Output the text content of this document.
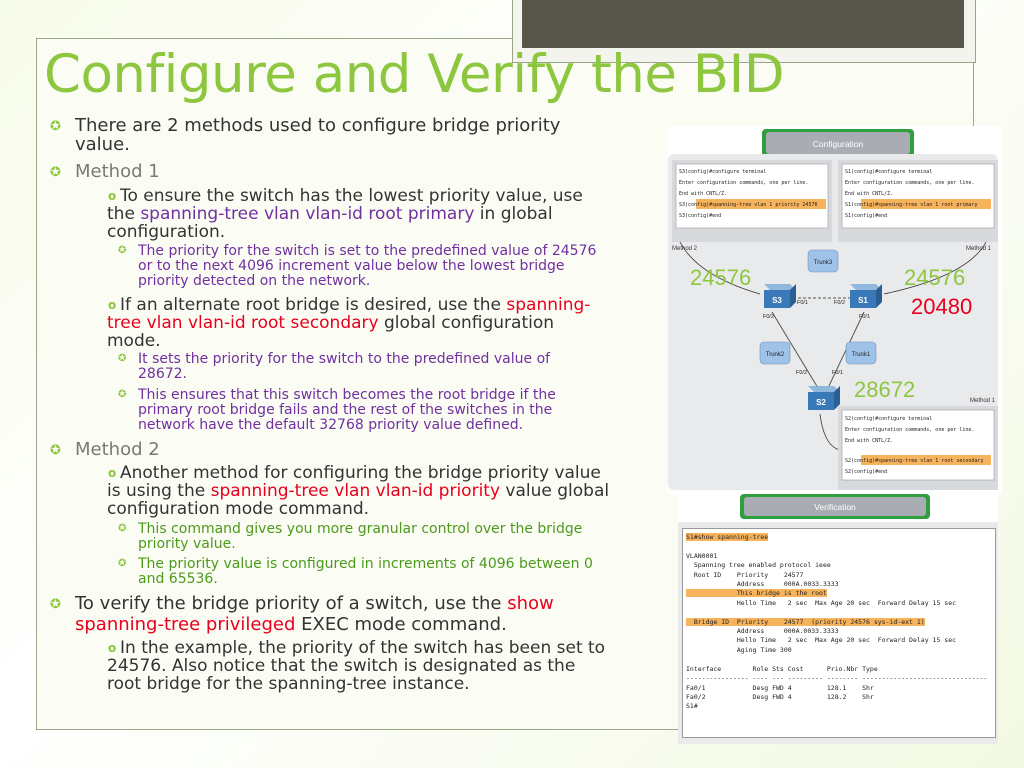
Configure and Verify the BID
✪ There are 2 methods used to configure bridge priority
value.
✪ Method 1
o To ensure the switch has the lowest priority value, use
the spanning-tree vlan vlan-id root primary in global
configuration.
✪ The priority for the switch is set to the predefined value of 24576
or to the next 4096 increment value below the lowest bridge
priority detected on the network.
o If an alternate root bridge is desired, use the spanning-
tree vlan vlan-id root secondary global configuration
mode.
✪ It sets the priority for the switch to the predefined value of
28672.
✪ This ensures that this switch becomes the root bridge if the
primary root bridge fails and the rest of the switches in the
network have the default 32768 priority value defined.
✪ Method 2
o Another method for configuring the bridge priority value
is using the spanning-tree vlan vlan-id priority value global
configuration mode command.
✪ This command gives you more granular control over the bridge
priority value.
✪ The priority value is configured in increments of 4096 between 0
and 65536.
✪ To verify the bridge priority of a switch, use the show
spanning-tree privileged EXEC mode command.
o In the example, the priority of the switch has been set to
24576. Also notice that the switch is designated as the
root bridge for the spanning-tree instance.
Configuration
S3(config)#configure terminal
Enter configuration commands, one per line.
End with CNTL/Z.
S3(config)#spanning-tree vlan 1 priority 24576
S3(config)#end
S1(config)#configure terminal
Enter configuration commands, one per line.
End with CNTL/Z.
S1(config)#spanning-tree vlan 1 root primary
S1(config)#end
Method 2	Method 1
Trunk3
Trunk2	Trunk1
S3	S1
S2
F0/1
F0/2
F0/2
F0/1
F0/2	F0/1
Method 1
S2(config)#configure terminal
Enter configuration commands, one per line.
End with CNTL/Z.
S2(config)#spanning-tree vlan 1 root secondary
S2(config)#end
24576	24576
20480
28672
Verification
S1#show spanning-tree

VLAN0001
Spanning tree enabled protocol ieee
Root ID    Priority    24577
Address     000A.0033.3333
This bridge is the root
Hello Time   2 sec  Max Age 20 sec  Forward Delay 15 sec

Bridge ID  Priority    24577  (priority 24576 sys-id-ext 1)
Address     000A.0033.3333
Hello Time   2 sec  Max Age 20 sec  Forward Delay 15 sec
Aging Time 300

Interface        Role Sts Cost      Prio.Nbr Type
---------------- ---- --- --------- -------- --------------------------------
Fa0/1            Desg FWD 4         128.1    Shr
Fa0/2            Desg FWD 4         128.2    Shr
S1#
